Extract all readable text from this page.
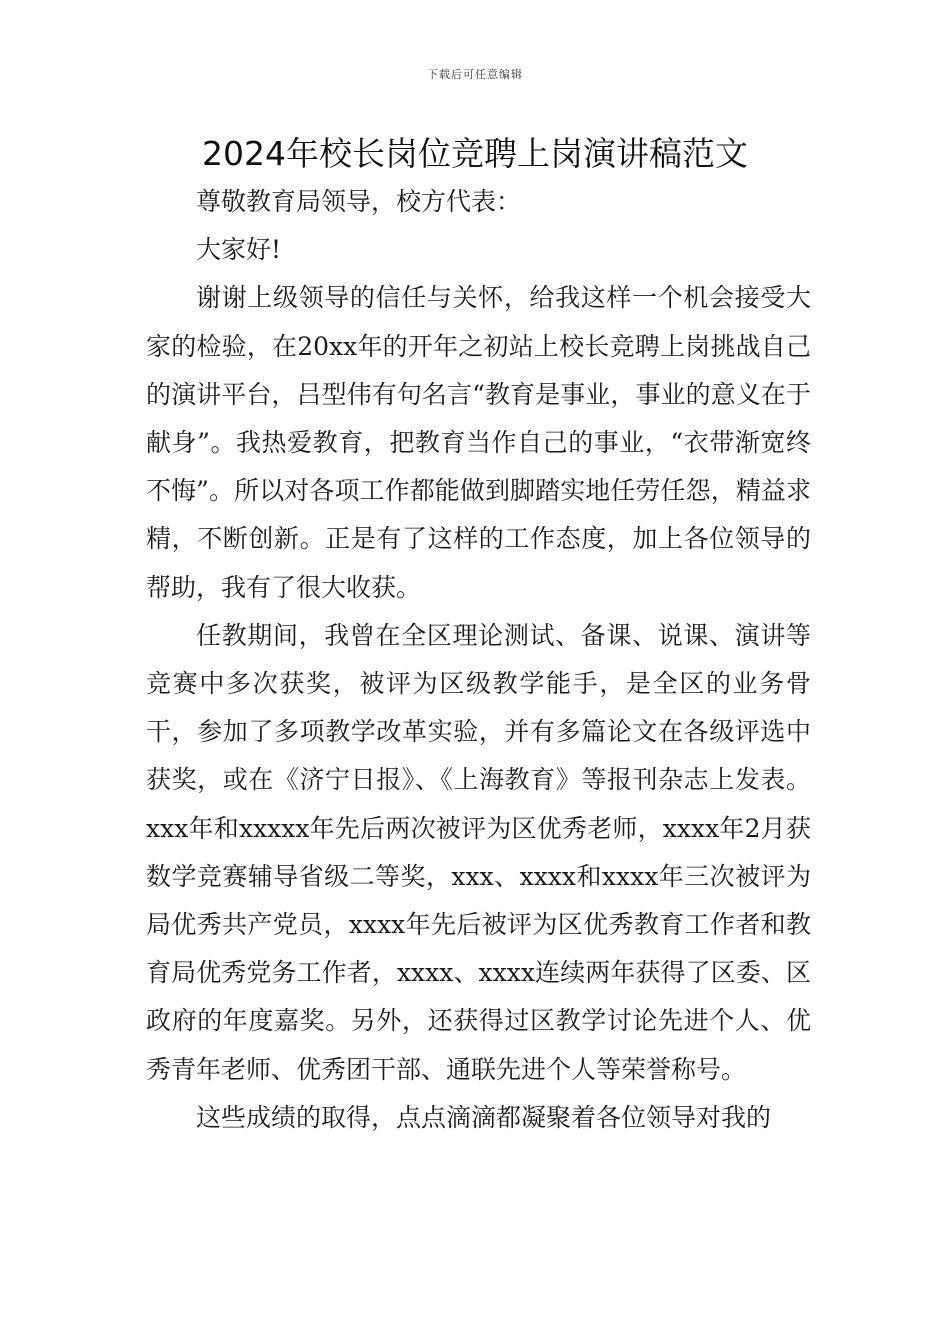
下载后可任意编辑
2024年校长岗位竞聘上岗演讲稿范文

尊敬教育局领导，校方代表：

大家好!

谢谢上级领导的信任与关怀，给我这样一个机会接受大家的检验，在20xx年的开年之初站上校长竞聘上岗挑战自己的演讲平台，吕型伟有句名言“教育是事业，事业的意义在于献身”。我热爱教育，把教育当作自己的事业，“衣带渐宽终不悔”。所以对各项工作都能做到脚踏实地任劳任怨，精益求精，不断创新。正是有了这样的工作态度，加上各位领导的帮助，我有了很大收获。

任教期间，我曾在全区理论测试、备课、说课、演讲等竞赛中多次获奖，被评为区级教学能手，是全区的业务骨干，参加了多项教学改革实验，并有多篇论文在各级评选中获奖，或在《济宁日报》、《上海教育》等报刊杂志上发表。xxx年和xxxxx年先后两次被评为区优秀老师，xxxx年2月获数学竞赛辅导省级二等奖，xxx、xxxx和xxxx年三次被评为局优秀共产党员，xxxx年先后被评为区优秀教育工作者和教育局优秀党务工作者，xxxx、xxxx连续两年获得了区委、区政府的年度嘉奖。另外，还获得过区教学讨论先进个人、优秀青年老师、优秀团干部、通联先进个人等荣誉称号。

这些成绩的取得，点点滴滴都凝聚着各位领导对我的
